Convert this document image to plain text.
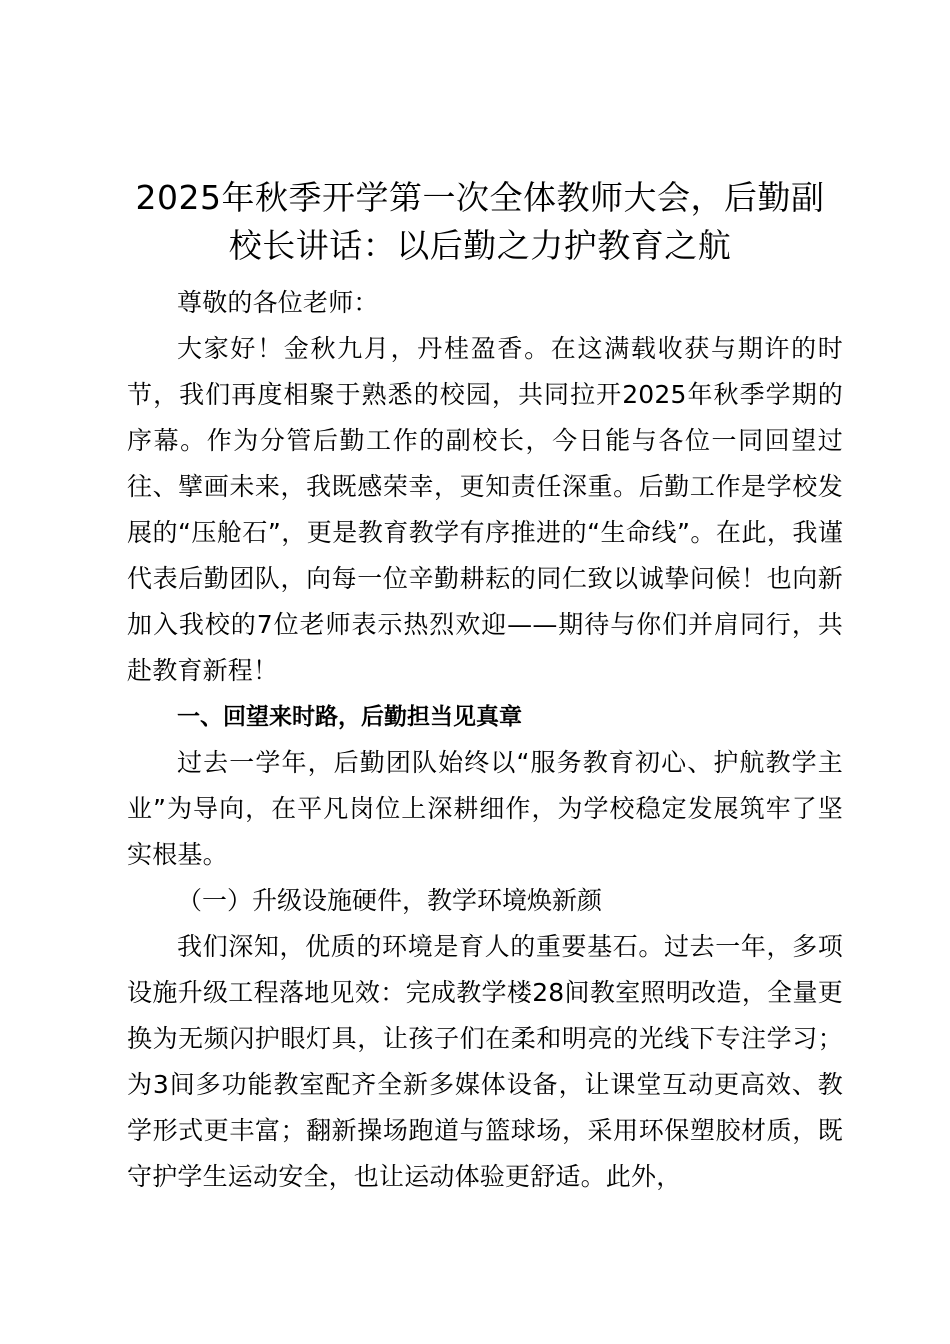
2025年秋季开学第一次全体教师大会，后勤副校长讲话：以后勤之力护教育之航

尊敬的各位老师：

大家好！金秋九月，丹桂盈香。在这满载收获与期许的时节，我们再度相聚于熟悉的校园，共同拉开2025年秋季学期的序幕。作为分管后勤工作的副校长，今日能与各位一同回望过往、擘画未来，我既感荣幸，更知责任深重。后勤工作是学校发展的“压舱石”，更是教育教学有序推进的“生命线”。在此，我谨代表后勤团队，向每一位辛勤耕耘的同仁致以诚挚问候！也向新加入我校的7位老师表示热烈欢迎——期待与你们并肩同行，共赴教育新程！

一、回望来时路，后勤担当见真章

过去一学年，后勤团队始终以“服务教育初心、护航教学主业”为导向，在平凡岗位上深耕细作，为学校稳定发展筑牢了坚实根基。

（一）升级设施硬件，教学环境焕新颜

我们深知，优质的环境是育人的重要基石。过去一年，多项设施升级工程落地见效：完成教学楼28间教室照明改造，全量更换为无频闪护眼灯具，让孩子们在柔和明亮的光线下专注学习；为3间多功能教室配齐全新多媒体设备，让课堂互动更高效、教学形式更丰富；翻新操场跑道与篮球场，采用环保塑胶材质，既守护学生运动安全，也让运动体验更舒适。此外，
